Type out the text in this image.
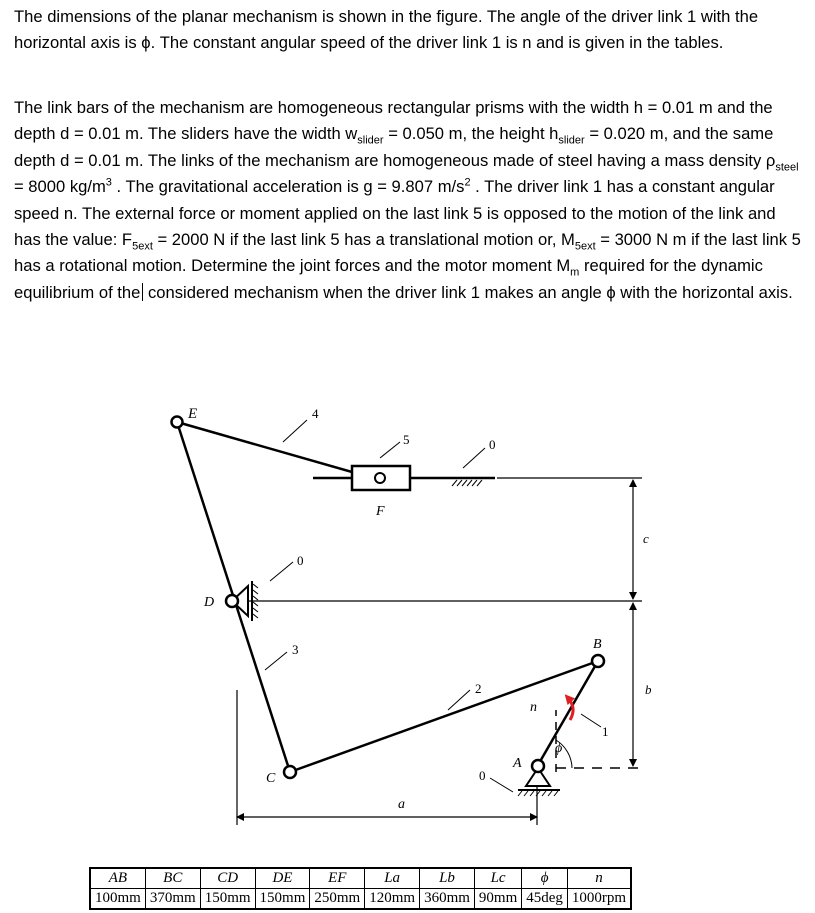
The dimensions of the planar mechanism is shown in the figure. The angle of the driver link 1 with the horizontal axis is ϕ. The constant angular speed of the driver link 1 is n and is given in the tables.

The link bars of the mechanism are homogeneous rectangular prisms with the width h = 0.01 m and the depth d = 0.01 m. The sliders have the width $w_{slider} = 0.050$ m, the height $h_{slider} = 0.020$ m, and the same depth d = 0.01 m. The links of the mechanism are homogeneous made of steel having a mass density $\rho_{steel} = 8000$ $kg/m^3$ . The gravitational acceleration is g = 9.807 $m/s^2$ . The driver link 1 has a constant angular speed n. The external force or moment applied on the last link 5 is opposed to the motion of the link and has the value: $F_{5ext} = 2000$ N if the last link 5 has a translational motion or, $M_{5ext} = 3000$ N m if the last link 5 has a rotational motion. Determine the joint forces and the motor moment $M_m$ required for the dynamic equilibrium of the considered mechanism when the driver link 1 makes an angle ϕ with the horizontal axis.

a
c
b
ϕ
n
4
5	0
0
3
2
1
0
E
D
C
B
A
F
AB	BC	CD	DE	EF	La	Lb	Lc	ϕ	n
100mm	370mm	150mm	150mm	250mm	120mm	360mm	90mm	45deg	1000rpm
